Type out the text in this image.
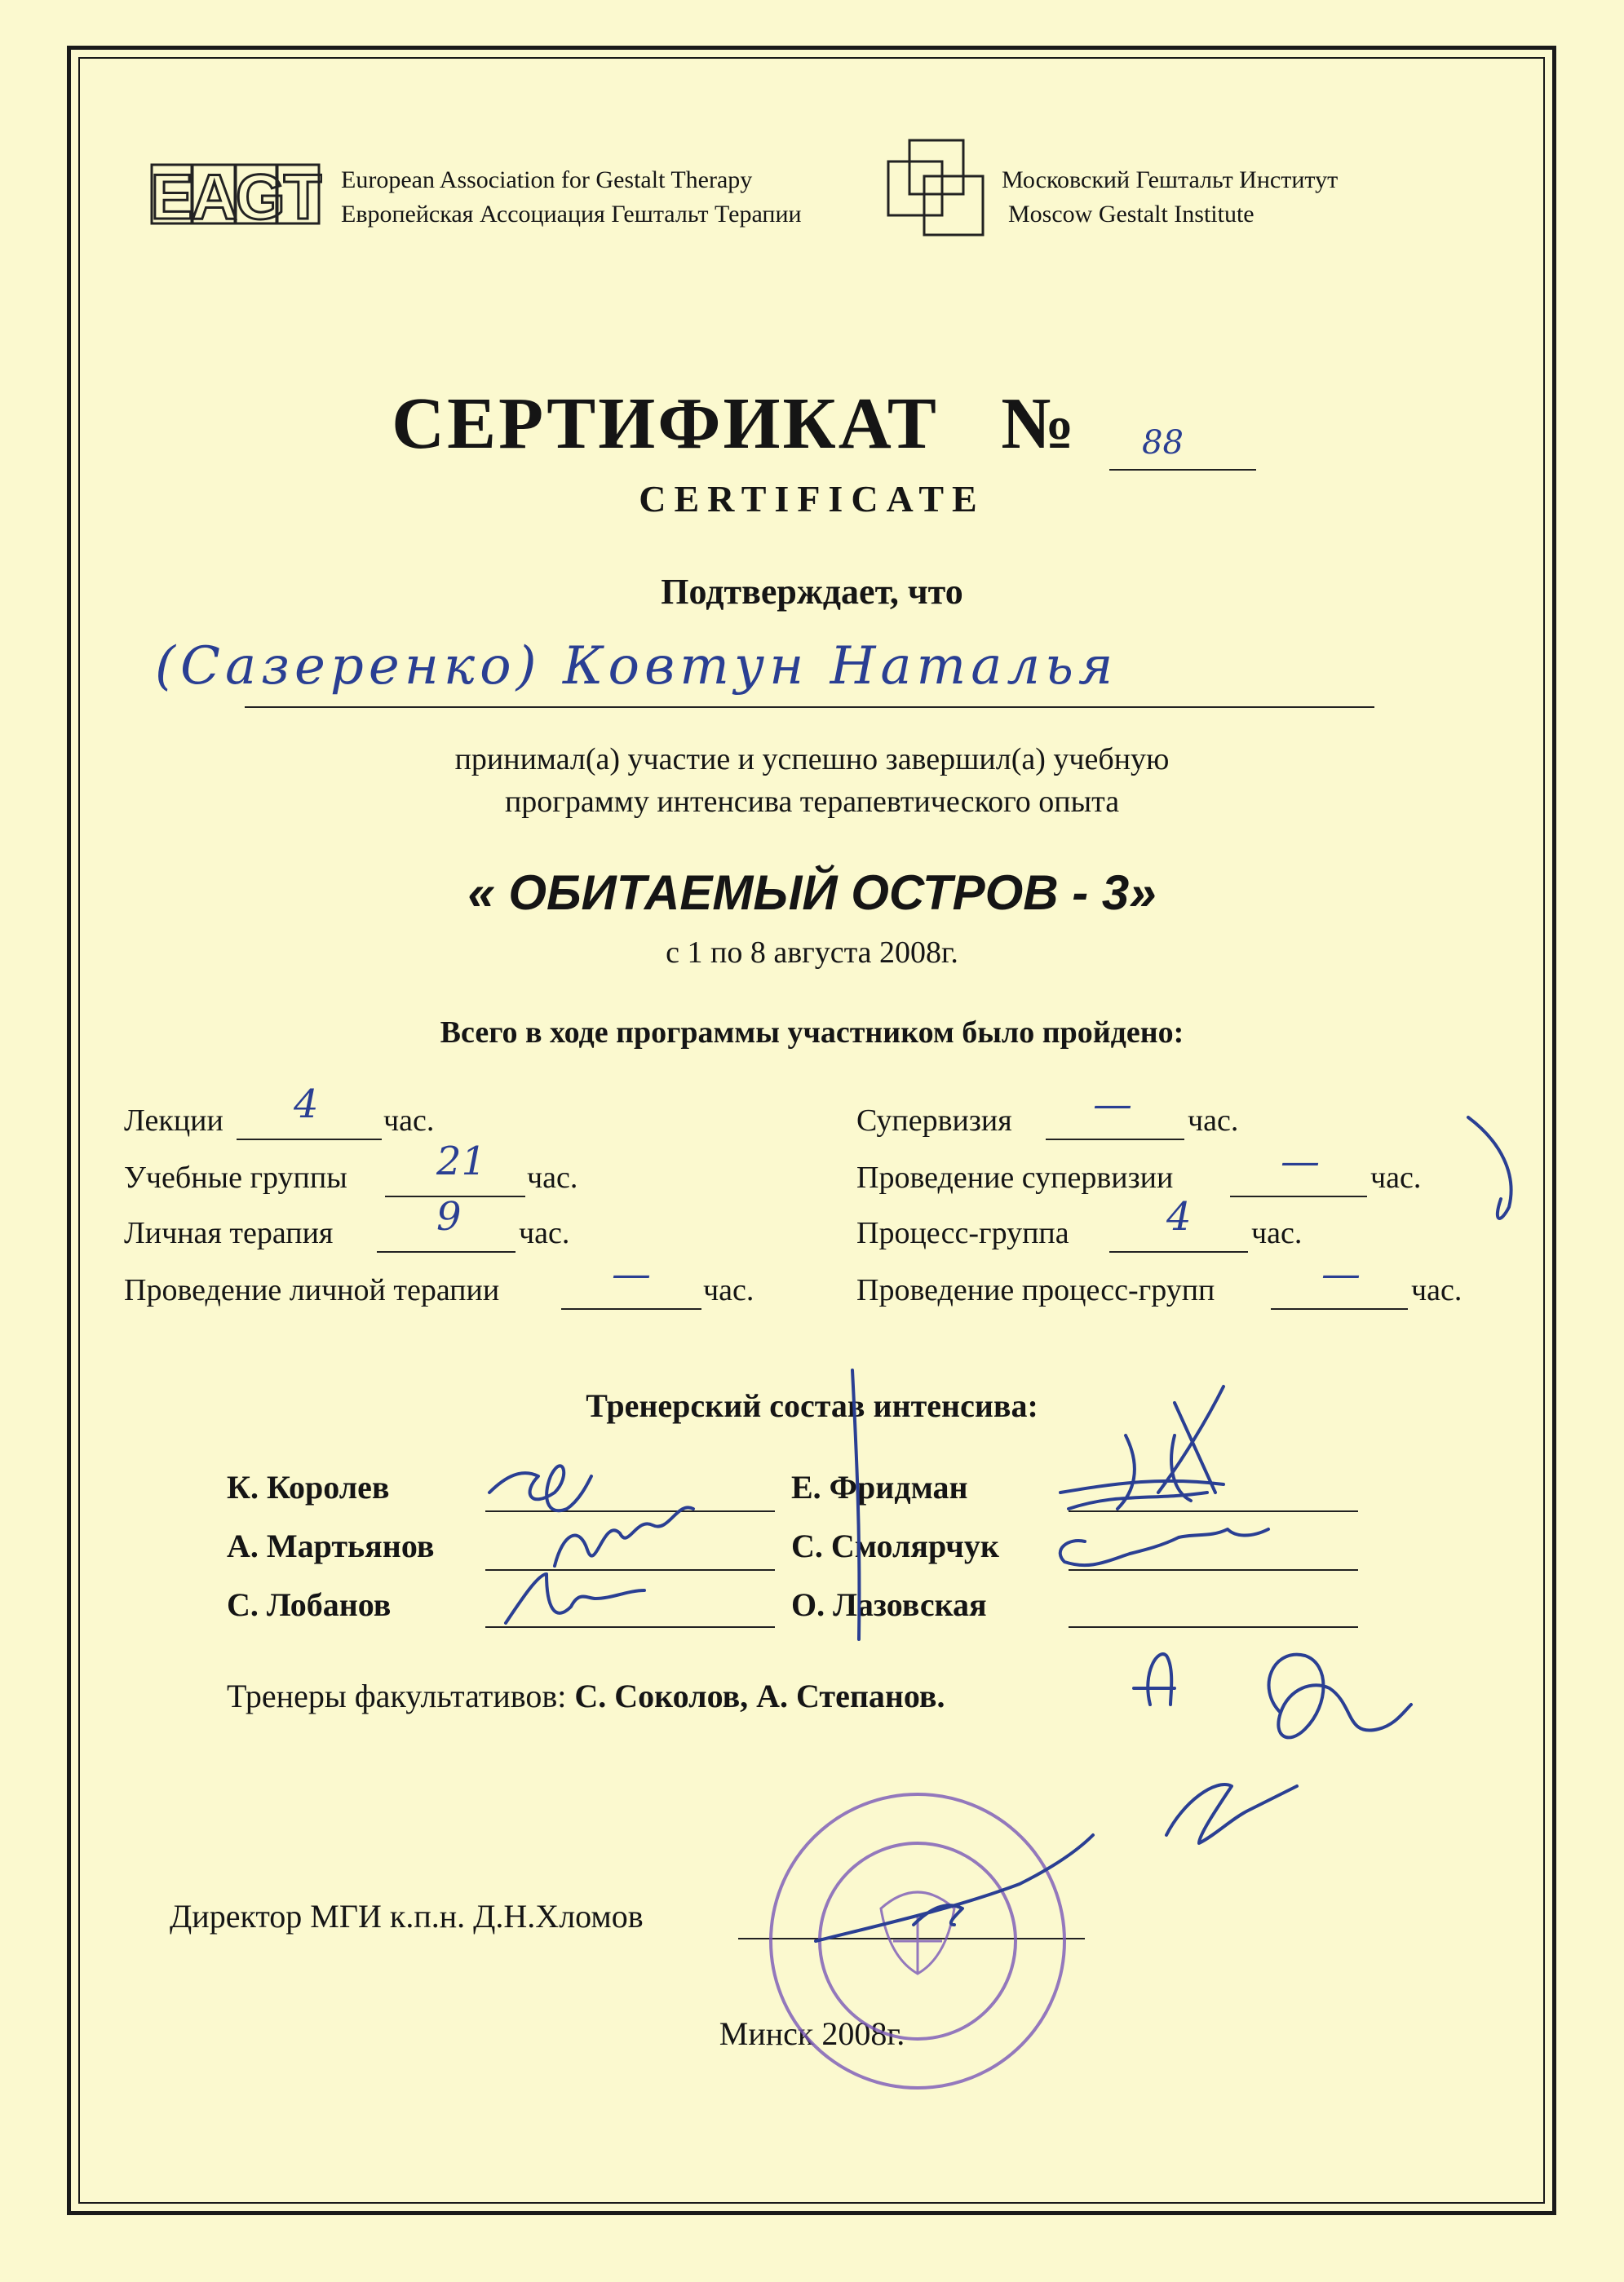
EAGT European Association for Gestalt Therapy
Европейская Ассоциация Гештальт Терапии
Московский Гештальт Институт
Moscow Gestalt Institute
СЕРТИФИКАТ №	88
CERTIFICATE
Подтверждает, что
(Сазеренко) Ковтун Наталья
принимал(а) участие и успешно завершил(а) учебную
программу интенсива терапевтического опыта
« ОБИТАЕМЫЙ ОСТРОВ - 3»
с 1 по 8 августа 2008г.
Всего в ходе программы участником было пройдено:
Лекции 4 час.
Учебные группы 21 час.
Личная терапия	9 час.
Проведение личной терапии	— час.
Супервизия — час.
Проведение супервизии	— час.
Процесс-группа 4 час.
Проведение процесс-групп	— час.
Тренерский состав интенсива:
К. Королев
А. Мартьянов
С. Лобанов
Е. Фридман
С. Смолярчук
О. Лазовская
Тренеры факультативов: С. Соколов, А. Степанов.
Директор МГИ к.п.н. Д.Н.Хломов
Минск 2008г.
